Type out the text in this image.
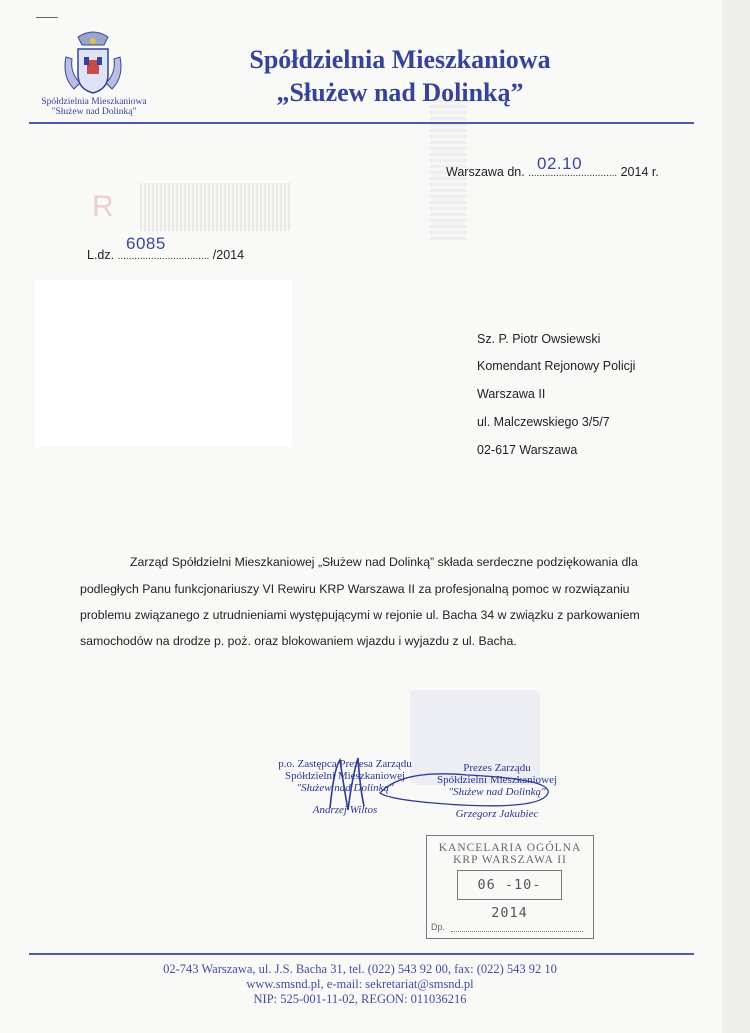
R
Spółdzielnia Mieszkaniowa
"Służew nad Dolinką"
Spółdzielnia Mieszkaniowa
„Służew nad Dolinką”
Warszawa dn. ................................ 2014 r.
02.10
L.dz. ................................. /2014
6085
Sz. P. Piotr Owsiewski
Komendant Rejonowy Policji
Warszawa II
ul. Malczewskiego 3/5/7
02-617 Warszawa
Zarząd Spółdzielni Mieszkaniowej „Służew nad Dolinką” składa serdeczne podziękowania dla
podległych Panu funkcjonariuszy VI Rewiru KRP Warszawa II za profesjonalną pomoc w rozwiązaniu
problemu związanego z utrudnieniami występującymi w rejonie ul. Bacha 34 w związku z parkowaniem
samochodów na drodze p. poż. oraz blokowaniem wjazdu i wyjazdu z ul. Bacha.
p.o. Zastępca Prezesa Zarządu
Spółdzielni Mieszkaniowej
"Służew nad Dolinką"
Andrzej Wiltos
Prezes Zarządu
Spółdzielni Mieszkaniowej
"Służew nad Dolinką"
Grzegorz Jakubiec
KANCELARIA OGÓLNA
KRP WARSZAWA II
06 -10- 2014
Dp.
02-743 Warszawa, ul. J.S. Bacha 31, tel. (022) 543 92 00, fax: (022) 543 92 10
www.smsnd.pl, e-mail: sekretariat@smsnd.pl
NIP: 525-001-11-02, REGON: 011036216
